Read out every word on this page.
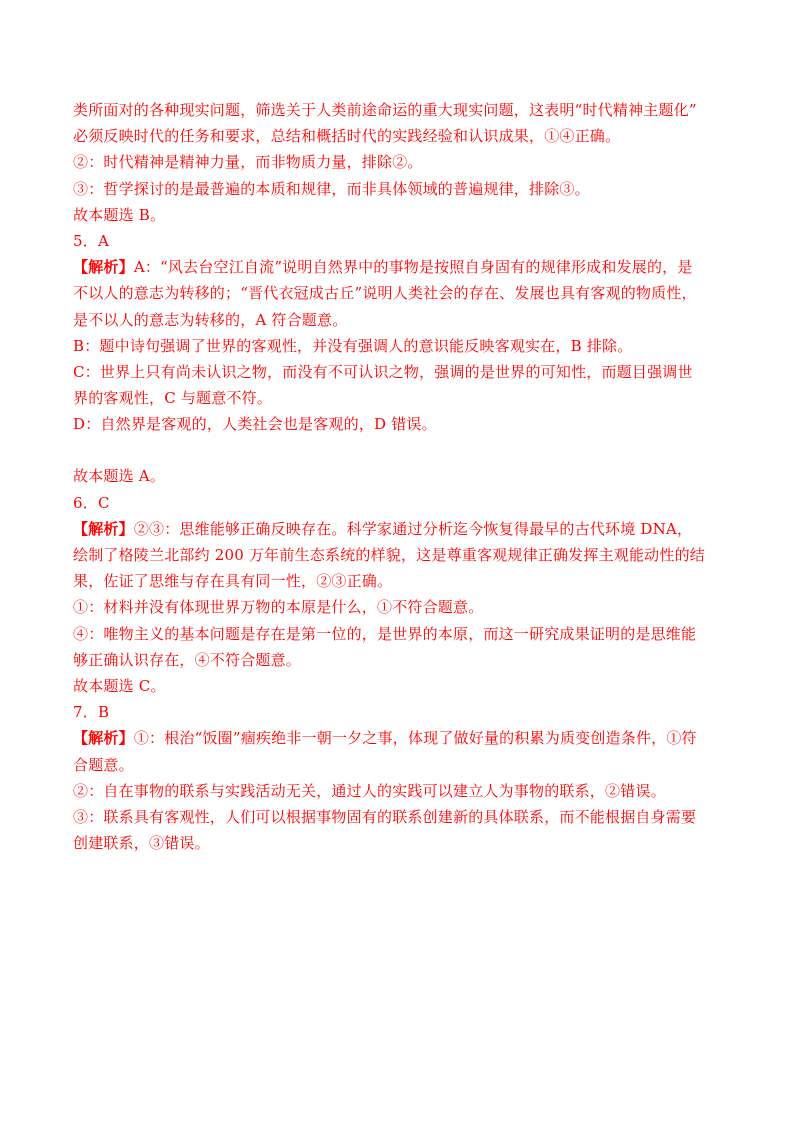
类所面对的各种现实问题，筛选关于人类前途命运的重大现实问题，这表明“时代精神主题化”
必须反映时代的任务和要求，总结和概括时代的实践经验和认识成果，①④正确。
②：时代精神是精神力量，而非物质力量，排除②。
③：哲学探讨的是最普遍的本质和规律，而非具体领域的普遍规律，排除③。
故本题选 B。
5．A
【解析】A：“风去台空江自流”说明自然界中的事物是按照自身固有的规律形成和发展的，是
不以人的意志为转移的；“晋代衣冠成古丘”说明人类社会的存在、发展也具有客观的物质性，
是不以人的意志为转移的，A 符合题意。
B：题中诗句强调了世界的客观性，并没有强调人的意识能反映客观实在，B 排除。
C：世界上只有尚未认识之物，而没有不可认识之物，强调的是世界的可知性，而题目强调世
界的客观性，C 与题意不符。
D：自然界是客观的，人类社会也是客观的，D 错误。
故本题选 A。
6．C
【解析】②③：思维能够正确反映存在。科学家通过分析迄今恢复得最早的古代环境 DNA，
绘制了格陵兰北部约 200 万年前生态系统的样貌，这是尊重客观规律正确发挥主观能动性的结
果，佐证了思维与存在具有同一性，②③正确。
①：材料并没有体现世界万物的本原是什么，①不符合题意。
④：唯物主义的基本问题是存在是第一位的，是世界的本原，而这一研究成果证明的是思维能
够正确认识存在，④不符合题意。
故本题选 C。
7．B
【解析】①：根治“饭圈”痼疾绝非一朝一夕之事，体现了做好量的积累为质变创造条件，①符
合题意。
②：自在事物的联系与实践活动无关，通过人的实践可以建立人为事物的联系，②错误。
③：联系具有客观性，人们可以根据事物固有的联系创建新的具体联系，而不能根据自身需要
创建联系，③错误。
